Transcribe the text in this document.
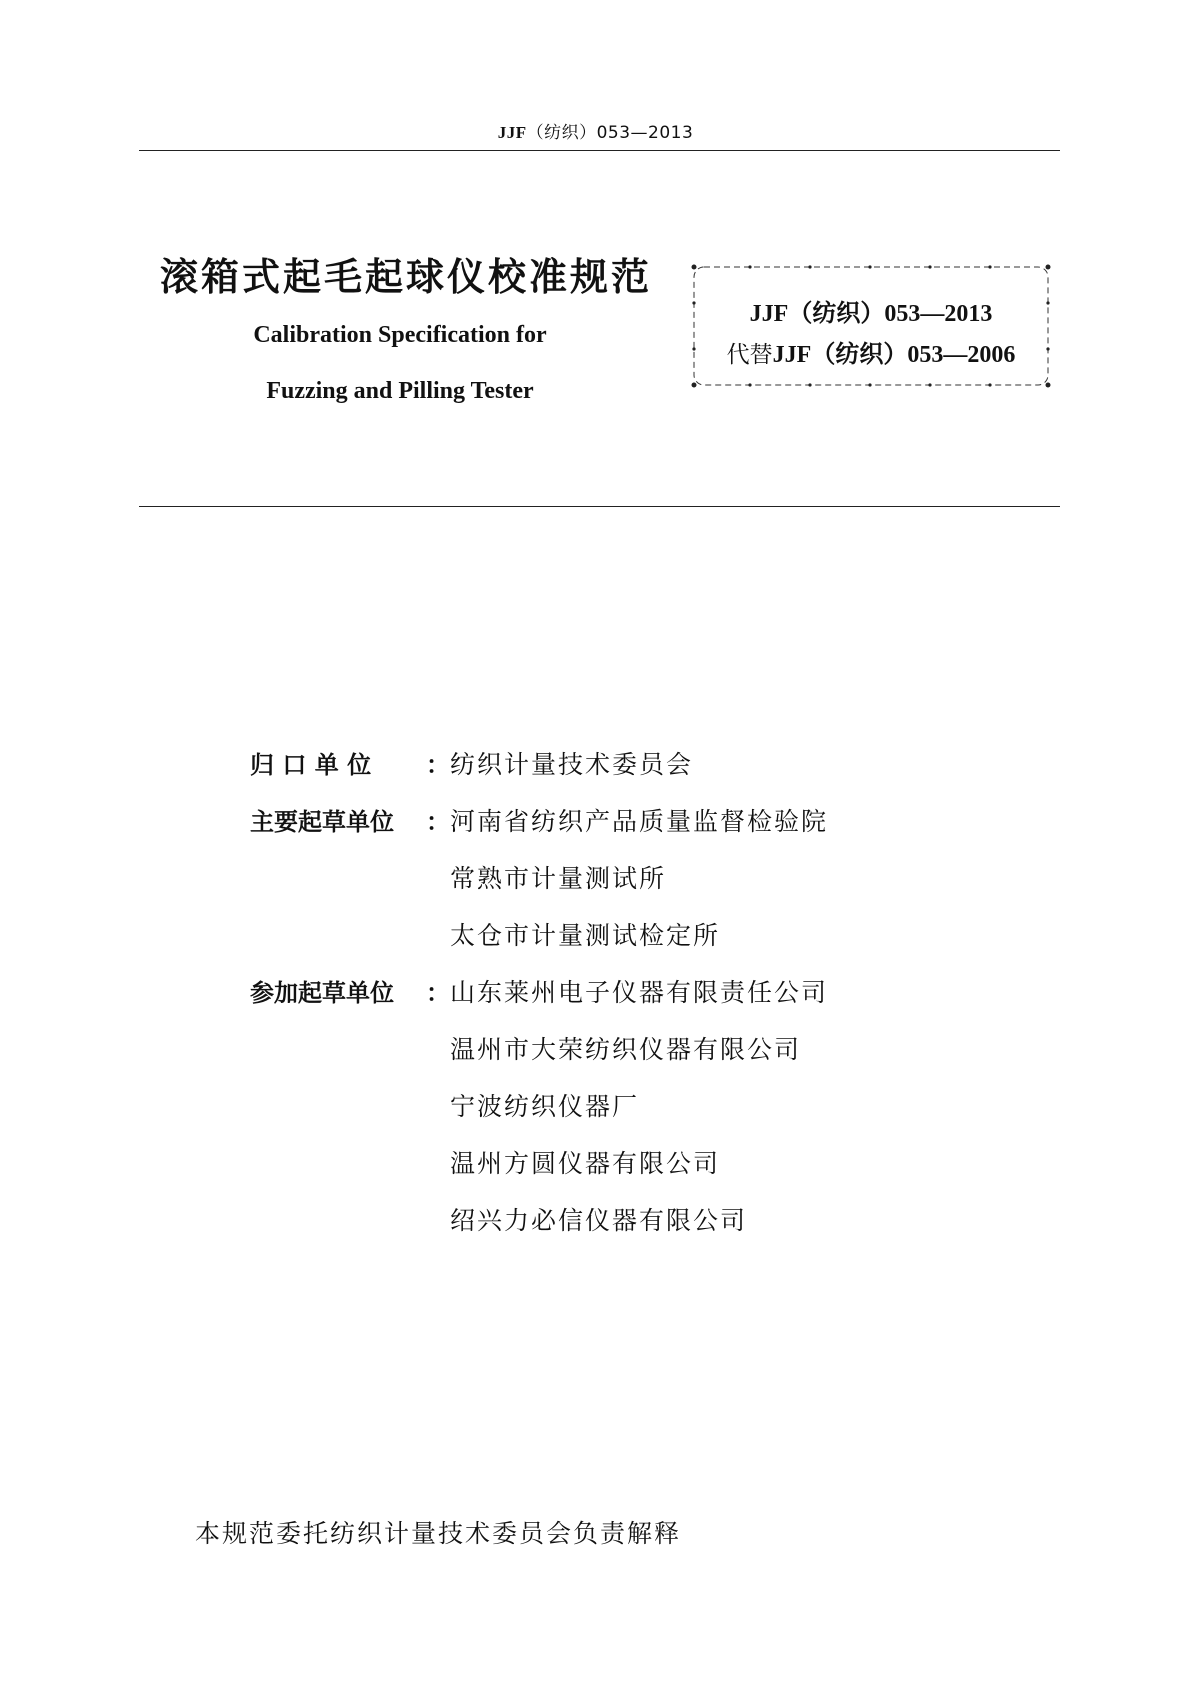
JJF（纺织）053—2013
滚箱式起毛起球仪校准规范
Calibration Specification for
Fuzzing and Pilling Tester
JJF（纺织）053—2013
代替JJF（纺织）053—2006
归 口 单 位 ： 纺织计量技术委员会
主要起草单位 ： 河南省纺织产品质量监督检验院
常熟市计量测试所
太仓市计量测试检定所
参加起草单位 ： 山东莱州电子仪器有限责任公司
温州市大荣纺织仪器有限公司
宁波纺织仪器厂
温州方圆仪器有限公司
绍兴力必信仪器有限公司
本规范委托纺织计量技术委员会负责解释
